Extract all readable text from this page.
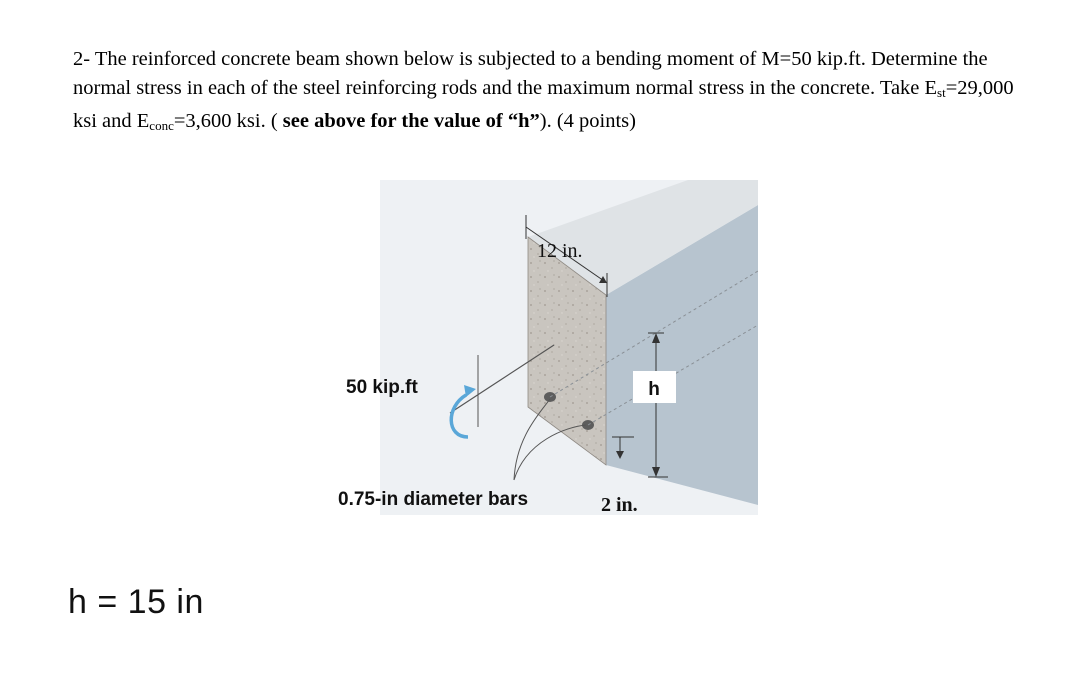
2- The reinforced concrete beam shown below is subjected to a bending moment of M=50 kip.ft. Determine the normal stress in each of the steel reinforcing rods and the maximum normal stress in the concrete. Take $E_{st}=29,000$ ksi and $E_{conc}=3,600$ ksi. ( see above for the value of “h”). (4 points)
12 in.
h
2 in.
50 kip.ft
0.75-in diameter bars
h = 15 in
